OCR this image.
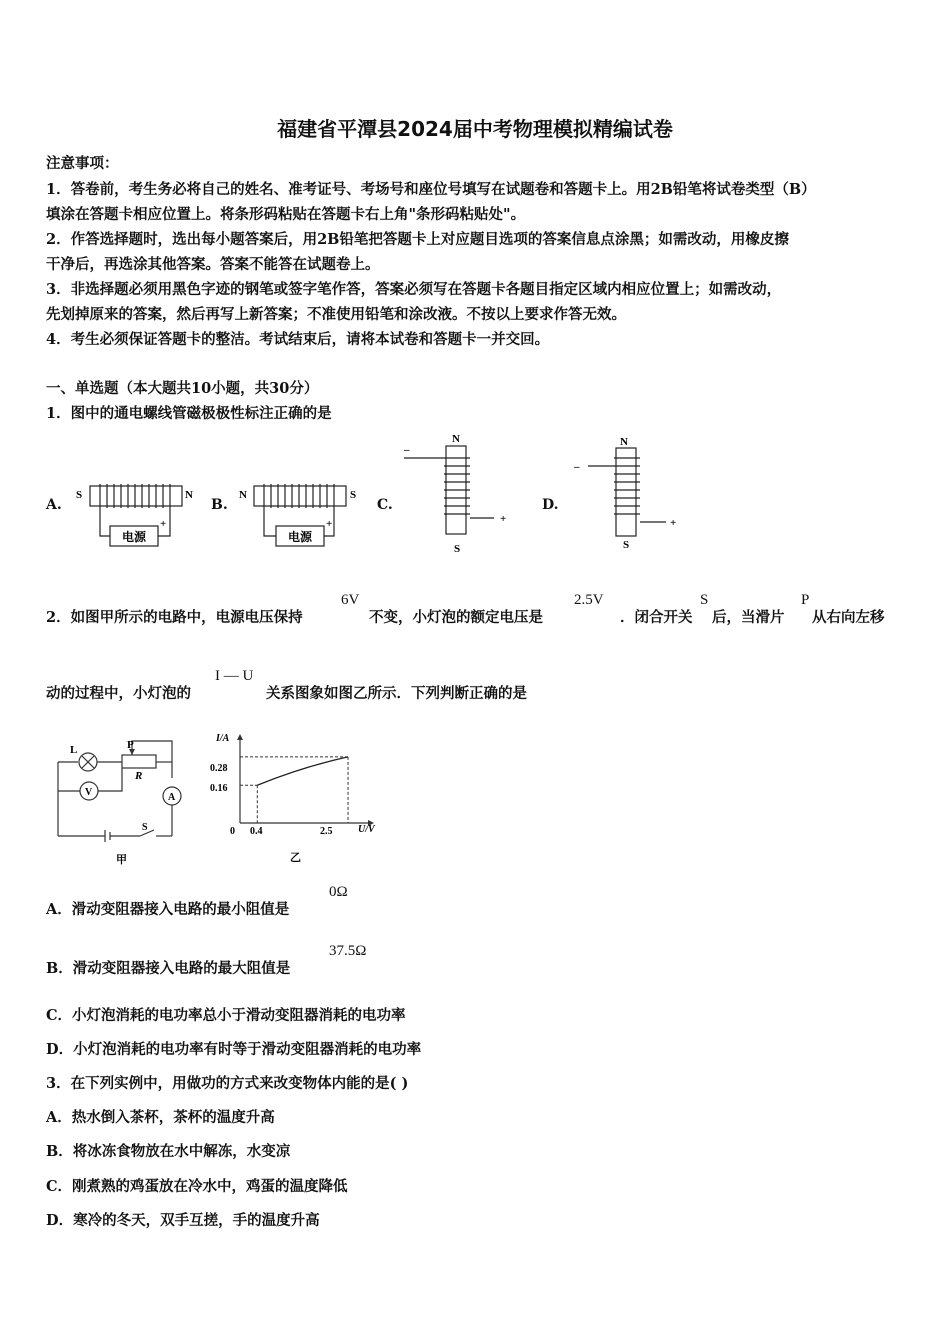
福建省平潭县2024届中考物理模拟精编试卷
注意事项：
1．答卷前，考生务必将自己的姓名、准考证号、考场号和座位号填写在试题卷和答题卡上。用2B铅笔将试卷类型（B）
填涂在答题卡相应位置上。将条形码粘贴在答题卡右上角"条形码粘贴处"。
2．作答选择题时，选出每小题答案后，用2B铅笔把答题卡上对应题目选项的答案信息点涂黑；如需改动，用橡皮擦
干净后，再选涂其他答案。答案不能答在试题卷上。
3．非选择题必须用黑色字迹的钢笔或签字笔作答，答案必须写在答题卡各题目指定区域内相应位置上；如需改动，
先划掉原来的答案，然后再写上新答案；不准使用铅笔和涂改液。不按以上要求作答无效。
4．考生必须保证答题卡的整洁。考试结束后，请将本试卷和答题卡一并交回。
一、单选题（本大题共10小题，共30分）
1．图中的通电螺线管磁极极性标注正确的是
A.	B.	C.	D.
S	N
电源
+
N	S
电源
+
N
S
–
+
N
S
–
+
2．如图甲所示的电路中，电源电压保持
6V
不变，小灯泡的额定电压是
2.5V
．闭合开关
S
后，当滑片
P
从右向左移
动的过程中，小灯泡的
I — U
关系图象如图乙所示．下列判断正确的是
L	P
R
V	A
S
甲
I/A
U/V
0
0.28
0.16
0.4	2.5
乙
A．滑动变阻器接入电路的最小阻值是
0Ω
B．滑动变阻器接入电路的最大阻值是
37.5Ω
C．小灯泡消耗的电功率总小于滑动变阻器消耗的电功率
D．小灯泡消耗的电功率有时等于滑动变阻器消耗的电功率
3．在下列实例中，用做功的方式来改变物体内能的是( )
A．热水倒入茶杯，茶杯的温度升高
B．将冰冻食物放在水中解冻，水变凉
C．刚煮熟的鸡蛋放在冷水中，鸡蛋的温度降低
D．寒冷的冬天，双手互搓，手的温度升高
